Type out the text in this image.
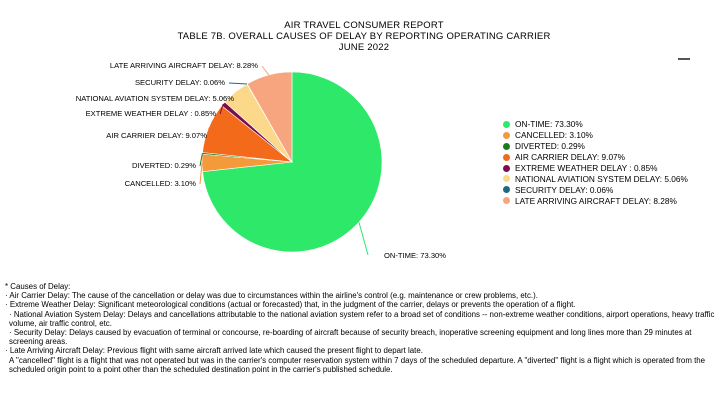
AIR TRAVEL CONSUMER REPORT
TABLE 7B. OVERALL CAUSES OF DELAY BY REPORTING OPERATING CARRIER
JUNE 2022
ON-TIME: 73.30%
CANCELLED: 3.10%
DIVERTED: 0.29%
AIR CARRIER DELAY: 9.07%
EXTREME WEATHER DELAY : 0.85%
NATIONAL AVIATION SYSTEM DELAY: 5.06%
SECURITY DELAY: 0.06%
LATE ARRIVING AIRCRAFT DELAY: 8.28%
ON-TIME: 73.30%
CANCELLED: 3.10%
DIVERTED: 0.29%
AIR CARRIER DELAY: 9.07%
EXTREME WEATHER DELAY : 0.85%
NATIONAL AVIATION SYSTEM DELAY: 5.06%
SECURITY DELAY: 0.06%
LATE ARRIVING AIRCRAFT DELAY: 8.28%
* Causes of Delay:
· Air Carrier Delay: The cause of the cancellation or delay was due to circumstances within the airline's control (e.g. maintenance or crew problems, etc.).
· Extreme Weather Delay: Significant meteorological conditions (actual or forecasted) that, in the judgment of the carrier, delays or prevents the operation of a flight.
· National Aviation System Delay: Delays and cancellations attributable to the national aviation system refer to a broad set of conditions -- non-extreme weather conditions, airport operations, heavy traffic volume, air traffic control, etc.
· Security Delay: Delays caused by evacuation of terminal or concourse, re-boarding of aircraft because of security breach, inoperative screening equipment and long lines more than 29 minutes at screening areas.
· Late Arriving Aircraft Delay: Previous flight with same aircraft arrived late which caused the present flight to depart late.
A "cancelled" flight is a flight that was not operated but was in the carrier's computer reservation system within 7 days of the scheduled departure. A "diverted" flight is a flight which is operated from the scheduled origin point to a point other than the scheduled destination point in the carrier's published schedule.
